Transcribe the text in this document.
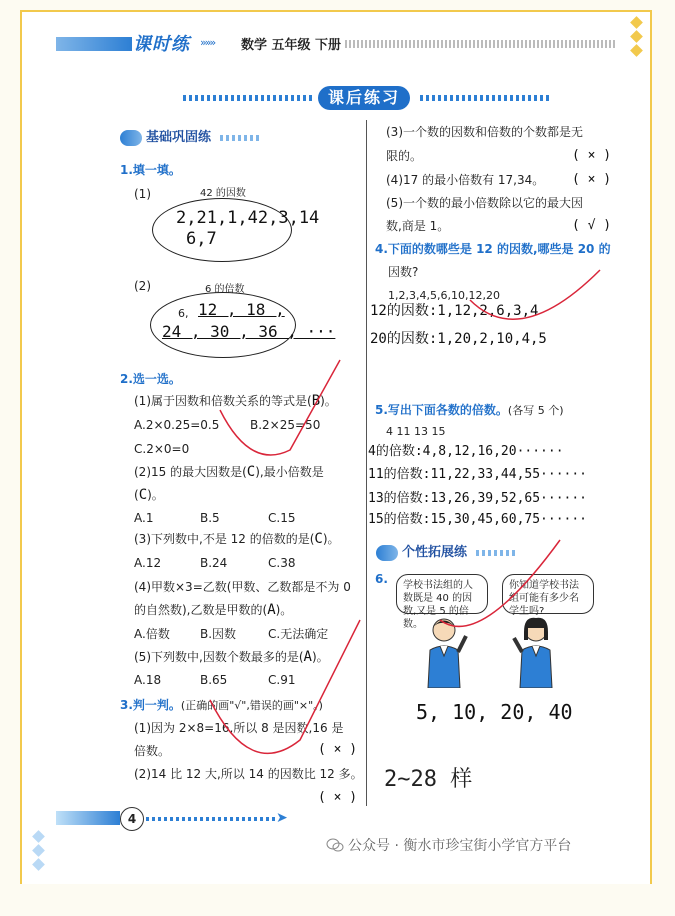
课时练 »»» 数学 五年级 下册
课后练习
基础巩固练
1.填一填。
(1)	42 的因数
2,21,1,42,3,14
6,7
(2)	6 的倍数
6, 12 , 18 ,
24 , 30 , 36 , ···
2.选一选。
(1)属于因数和倍数关系的等式是(B)。
A.2×0.25=0.5	B.2×25=50
C.2×0=0
(2)15 的最大因数是(C),最小倍数是
(C)。
A.1	B.5	C.15
(3)下列数中,不是 12 的倍数的是(C)。
A.12	B.24	C.38
(4)甲数×3=乙数(甲数、乙数都是不为 0
的自然数),乙数是甲数的(A)。
A.倍数	B.因数	C.无法确定
(5)下列数中,因数个数最多的是(A)。
A.18	B.65	C.91
3.判一判。(正确的画"√",错误的画"×"。)
(1)因为 2×8=16,所以 8 是因数,16 是
倍数。	( × )
(2)14 比 12 大,所以 14 的因数比 12 多。
( × )
(3)一个数的因数和倍数的个数都是无
限的。	( × )
(4)17 的最小倍数有 17,34。 ( × )
(5)一个数的最小倍数除以它的最大因
数,商是 1。	( √ )
4.下面的数哪些是 12 的因数,哪些是 20 的
因数?
1,2,3,4,5,6,10,12,20
12的因数:1,12,2,6,3,4
20的因数:1,20,2,10,4,5
5.写出下面各数的倍数。(各写 5 个)
4 11 13 15
4的倍数:4,8,12,16,20······
11的倍数:11,22,33,44,55······
13的倍数:13,26,39,52,65······
15的倍数:15,30,45,60,75······
个性拓展练
6.	学校书法组的人数既是 40 的因数,又是 5 的倍数。
你知道学校书法组可能有多少名学生吗?
5, 10, 20, 40
2~28 样
4	➤
公众号 · 衡水市珍宝街小学官方平台
